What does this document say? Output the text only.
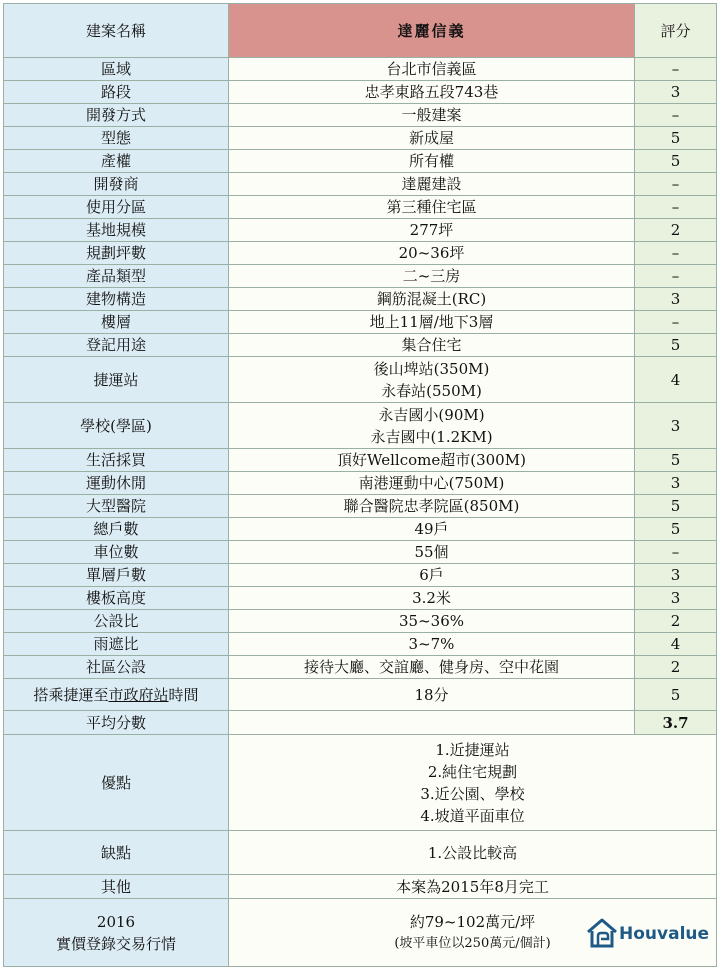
建案名稱	達麗信義	評分
區域	台北市信義區	–
路段	忠孝東路五段743巷	3
開發方式	一般建案	–
型態	新成屋	5
產權	所有權	5
開發商	達麗建設	–
使用分區	第三種住宅區	–
基地規模	277坪	2
規劃坪數	20~36坪	–
產品類型	二~三房	–
建物構造	鋼筋混凝土(RC)	3
樓層	地上11層/地下3層	–
登記用途	集合住宅	5
捷運站	後山埤站(350M)
永春站(550M)	4
學校(學區)	永吉國小(90M)
永吉國中(1.2KM)	3
生活採買	頂好Wellcome超市(300M)	5
運動休閒	南港運動中心(750M)	3
大型醫院	聯合醫院忠孝院區(850M)	5
總戶數	49戶	5
車位數	55個	–
單層戶數	6戶	3
樓板高度	3.2米	3
公設比	35~36%	2
雨遮比	3~7%	4
社區公設	接待大廳、交誼廳、健身房、空中花園	2
搭乘捷運至市政府站時間	18分	5
平均分數		3.7
優點	1.近捷運站
2.純住宅規劃
3.近公園、學校
4.坡道平面車位	

缺點	1.公設比較高	

其他	本案為2015年8月完工	

2016
實價登錄交易行情	約79~102萬元/坪
(坡平車位以250萬元/個計)		Houvalue
